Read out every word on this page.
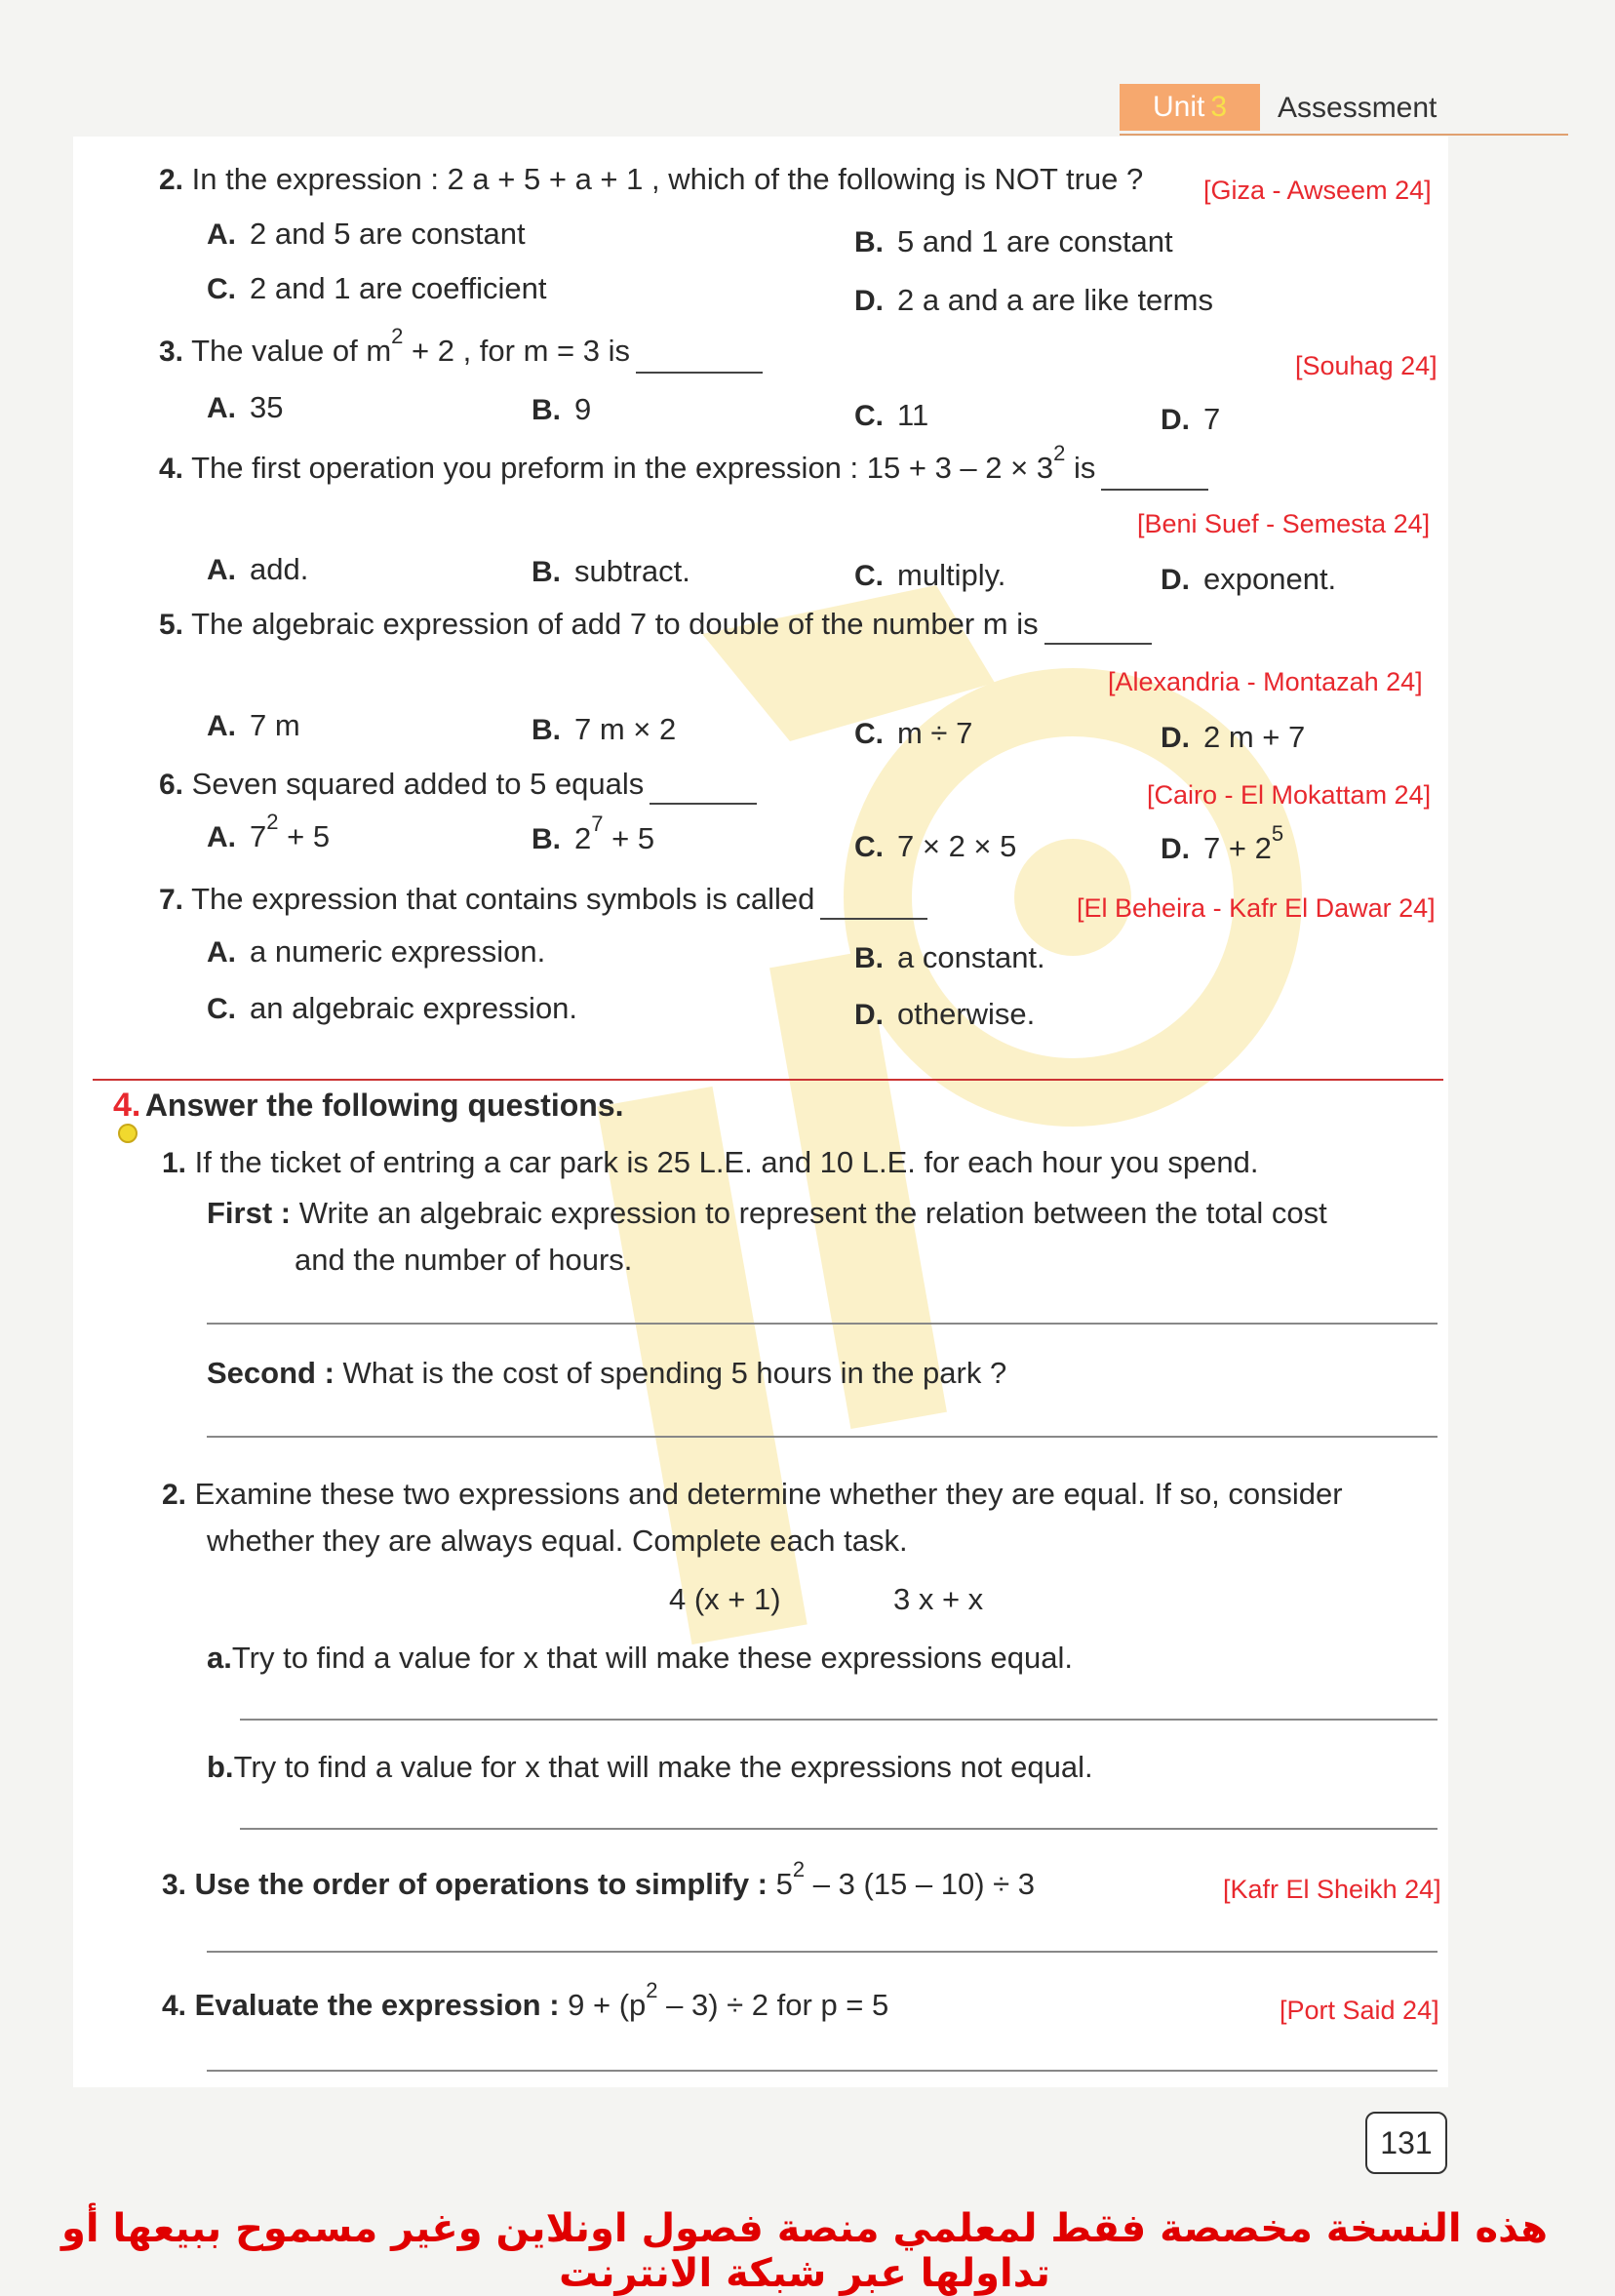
Unit 3	Assessment
2. In the expression : 2 a + 5 + a + 1 , which of the following is NOT true ? [Giza - Awseem 24]
A. 2 and 5 are constant	B. 5 and 1 are constant
C. 2 and 1 are coefficient	D. 2 a and a are like terms
3. The value of $m^2 + 2$ , for m = 3 is	[Souhag 24]
A. 35	B. 9	C. 11	D. 7
4. The first operation you preform in the expression : $15 + 3 - 2 \times 3^2$ is
[Beni Suef - Semesta 24]
A. add.	B. subtract.	C. multiply.	D. exponent.
5. The algebraic expression of add 7 to double of the number m is
[Alexandria - Montazah 24]
A. 7 m	B. 7 m × 2	C. m ÷ 7	D. 2 m + 7
6. Seven squared added to 5 equals	[Cairo - El Mokattam 24]
A. $7^2 + 5$	B. $2^7 + 5$	C. 7 × 2 × 5	D. $7 + 2^5$
7. The expression that contains symbols is called	[El Beheira - Kafr El Dawar 24]
A. a numeric expression.	B. a constant.
C. an algebraic expression.	D. otherwise.
4. Answer the following questions.
1. If the ticket of entring a car park is 25 L.E. and 10 L.E. for each hour you spend.
First : Write an algebraic expression to represent the relation between the total cost
and the number of hours.
Second : What is the cost of spending 5 hours in the park ?
2. Examine these two expressions and determine whether they are equal. If so, consider
whether they are always equal. Complete each task.
4 (x + 1)	3 x + x
a.Try to find a value for x that will make these expressions equal.
b.Try to find a value for x that will make the expressions not equal.
3. Use the order of operations to simplify : $5^2 - 3$ (15 – 10) ÷ 3	[Kafr El Sheikh 24]
4. Evaluate the expression : $9 + (p^2 - 3) \div 2$ for p = 5	[Port Said 24]
131
هذه النسخة مخصصة فقط لمعلمي منصة فصول اونلاين وغير مسموح ببيعها أو تداولها عبر شبكة الانترنت
